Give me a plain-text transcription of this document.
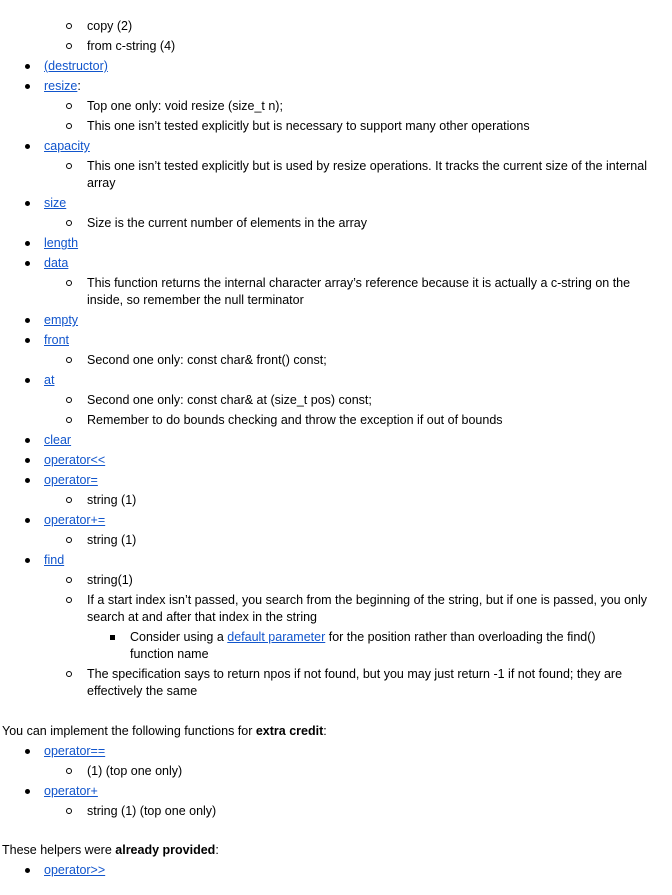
copy (2)
from c-string (4)
(destructor)
resize:
Top one only: void resize (size_t n);
This one isn’t tested explicitly but is necessary to support many other operations
capacity
This one isn’t tested explicitly but is used by resize operations. It tracks the current size of the internal array
size
Size is the current number of elements in the array
length
data
This function returns the internal character array’s reference because it is actually a c-string on the inside, so remember the null terminator
empty
front
Second one only: const char& front() const;
at
Second one only: const char& at (size_t pos) const;
Remember to do bounds checking and throw the exception if out of bounds
clear
operator<<
operator=
string (1)
operator+=
string (1)
find
string(1)
If a start index isn’t passed, you search from the beginning of the string, but if one is passed, you only search at and after that index in the string
Consider using a default parameter for the position rather than overloading the find() function name
The specification says to return npos if not found, but you may just return -1 if not found; they are effectively the same
You can implement the following functions for extra credit:
operator==
(1) (top one only)
operator+
string (1) (top one only)
These helpers were already provided:
operator>>
